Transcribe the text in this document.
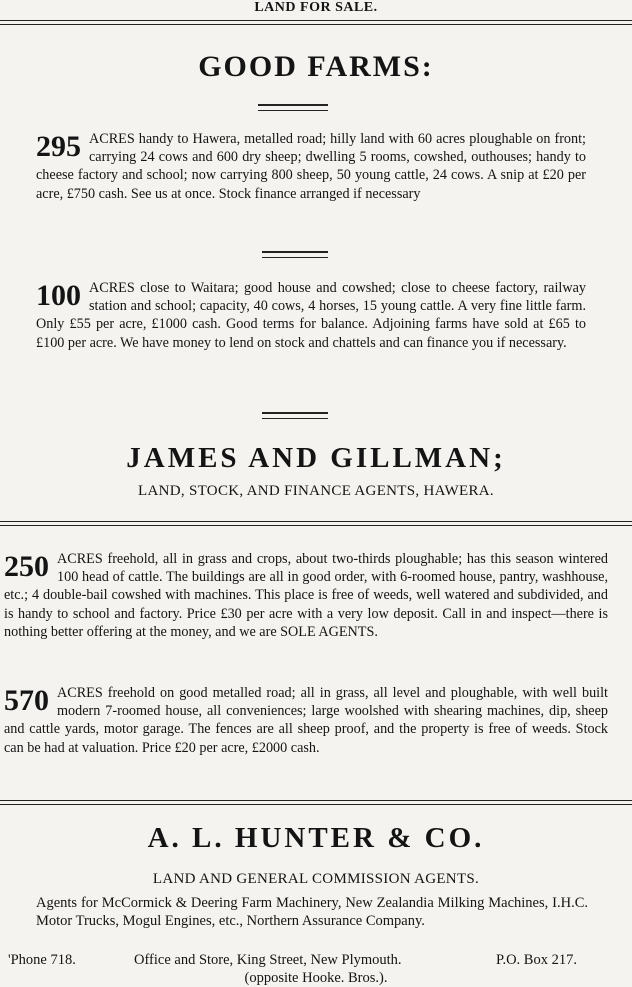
LAND FOR SALE.
GOOD FARMS:
295 ACRES handy to Hawera, metalled road; hilly land with 60 acres ploughable on front; carrying 24 cows and 600 dry sheep; dwelling 5 rooms, cowshed, outhouses; handy to cheese factory and school; now carrying 800 sheep, 50 young cattle, 24 cows. A snip at £20 per acre, £750 cash. See us at once. Stock finance arranged if necessary
100 ACRES close to Waitara; good house and cowshed; close to cheese factory, railway station and school; capacity, 40 cows, 4 horses, 15 young cattle. A very fine little farm. Only £55 per acre, £1000 cash. Good terms for balance. Adjoining farms have sold at £65 to £100 per acre. We have money to lend on stock and chattels and can finance you if necessary.
JAMES AND GILLMAN;
LAND, STOCK, AND FINANCE AGENTS, HAWERA.
250 ACRES freehold, all in grass and crops, about two-thirds ploughable; has this season wintered 100 head of cattle. The buildings are all in good order, with 6-roomed house, pantry, washhouse, etc.; 4 double-bail cowshed with machines. This place is free of weeds, well watered and subdivided, and is handy to school and factory. Price £30 per acre with a very low deposit. Call in and inspect—there is nothing better offering at the money, and we are SOLE AGENTS.
570 ACRES freehold on good metalled road; all in grass, all level and ploughable, with well built modern 7-roomed house, all conveniences; large woolshed with shearing machines, dip, sheep and cattle yards, motor garage. The fences are all sheep proof, and the property is free of weeds. Stock can be had at valuation. Price £20 per acre, £2000 cash.
A. L. HUNTER & CO.
LAND AND GENERAL COMMISSION AGENTS.
Agents for McCormick & Deering Farm Machinery, New Zealandia Milking Machines, I.H.C. Motor Trucks, Mogul Engines, etc., Northern Assurance Company.
'Phone 718.	Office and Store, King Street, New Plymouth.	P.O. Box 217.
(opposite Hooke. Bros.).
